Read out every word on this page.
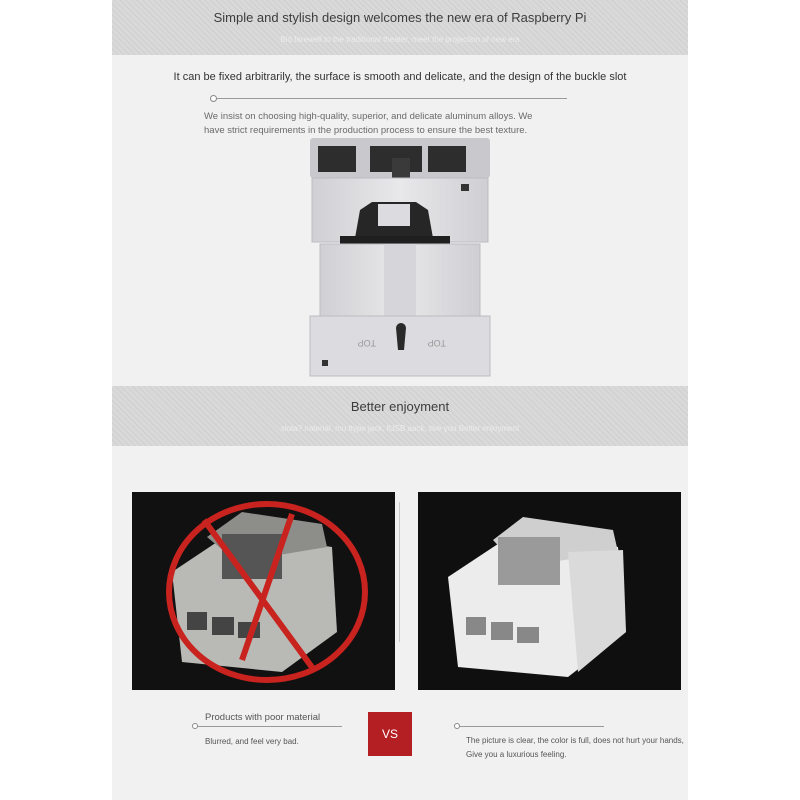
Simple and stylish design welcomes the new era of Raspberry Pi
Bid farewell to the traditional theater, meet the projection of new era
It can be fixed arbitrarily, the surface is smooth and delicate, and the design of the buckle slot
We insist on choosing high-quality, superior, and delicate aluminum alloys. We
have strict requirements in the production process to ensure the best texture.
TOP	TOP
Better enjoyment
slota? naterial, mu ttype jack, IUSB aack, tive you Better enjoyment
Products with poor material
Blurred, and feel very bad.
VS	The picture is clear, the color is full, does not hurt your hands,
Give you a luxurious feeling.
